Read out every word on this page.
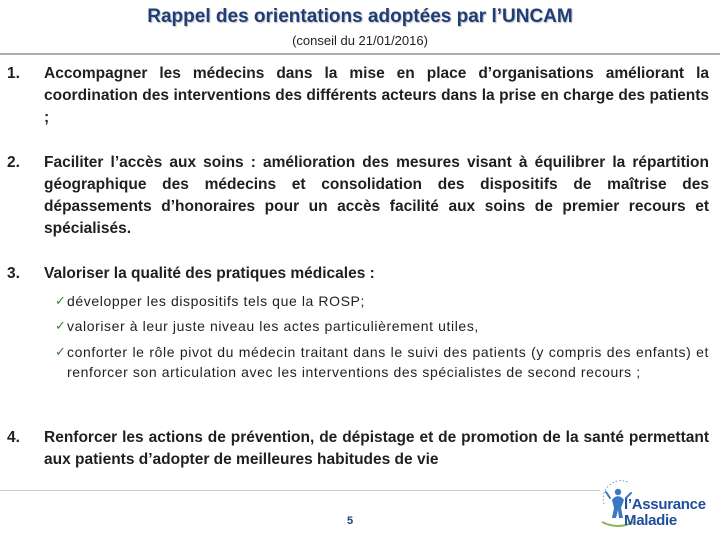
Rappel des orientations adoptées par l’UNCAM
(conseil du 21/01/2016)
1. Accompagner les médecins dans la mise en place d’organisations améliorant la coordination des interventions des différents acteurs dans la prise en charge des patients ;
2. Faciliter l’accès aux soins : amélioration des mesures visant à équilibrer la répartition géographique des médecins et consolidation des dispositifs de maîtrise des dépassements d’honoraires pour un accès facilité aux soins de premier recours et spécialisés.
3. Valoriser la qualité des pratiques médicales :
✓ développer les dispositifs tels que la ROSP;
✓ valoriser à leur juste niveau les actes particulièrement utiles,
✓ conforter le rôle pivot du médecin traitant dans le suivi des patients (y compris des enfants) et renforcer son articulation avec les interventions des spécialistes de second recours ;
4. Renforcer les actions de prévention, de dépistage et de promotion de la santé permettant aux patients d’adopter de meilleures habitudes de vie
5
l’Assurance
Maladie
